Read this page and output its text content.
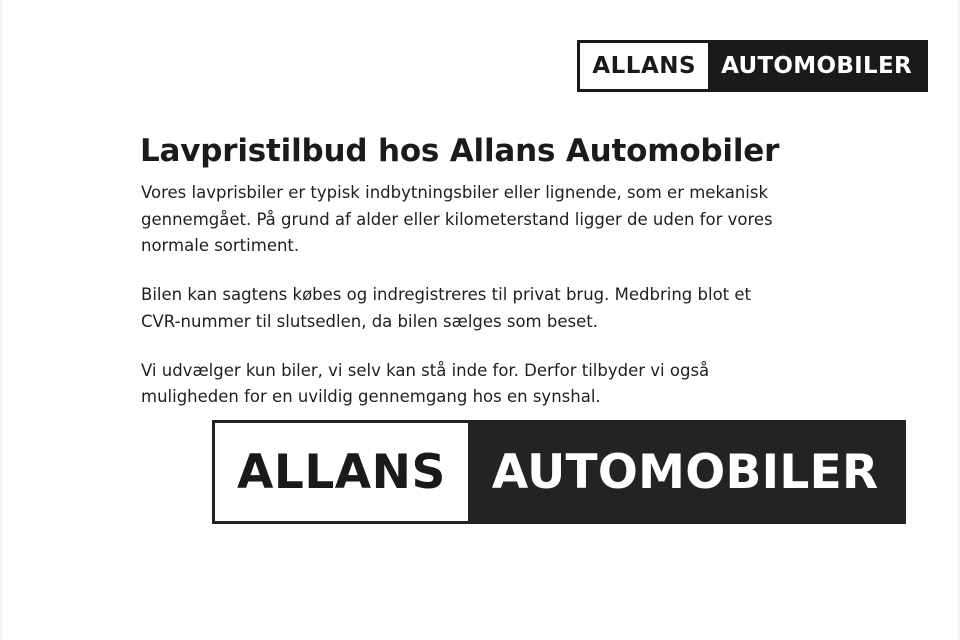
ALLANS	AUTOMOBILER
Lavpristilbud hos Allans Automobiler

Vores lavprisbiler er typisk indbytningsbiler eller lignende, som er mekanisk gennemgået. På grund af alder eller kilometerstand ligger de uden for vores normale sortiment.

Bilen kan sagtens købes og indregistreres til privat brug. Medbring blot et CVR-nummer til slutsedlen, da bilen sælges som beset.

Vi udvælger kun biler, vi selv kan stå inde for. Derfor tilbyder vi også muligheden for en uvildig gennemgang hos en synshal.

ALLANS AUTOMOBILER
